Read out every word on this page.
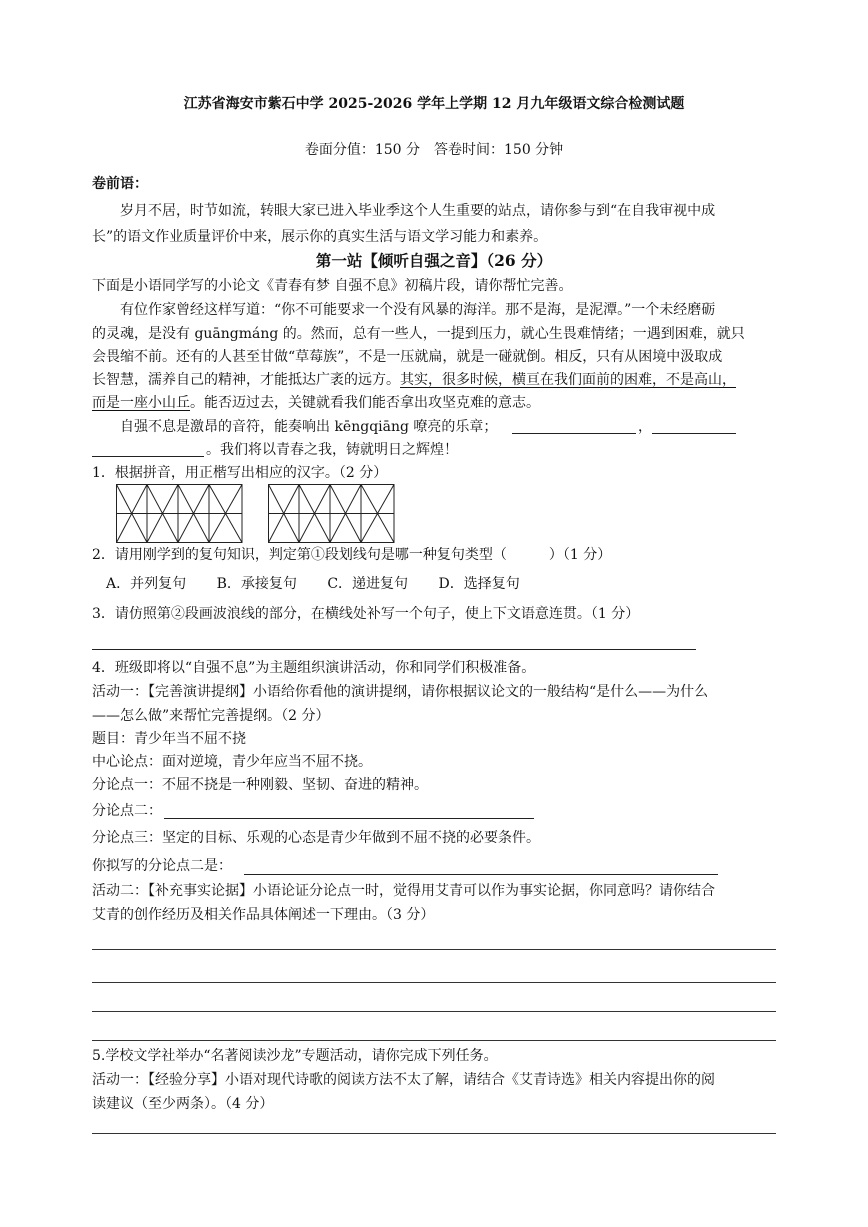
江苏省海安市紫石中学 2025-2026 学年上学期 12 月九年级语文综合检测试题
卷面分值：150 分　答卷时间：150 分钟
卷前语：
岁月不居，时节如流，转眼大家已进入毕业季这个人生重要的站点，请你参与到“在自我审视中成
长”的语文作业质量评价中来，展示你的真实生活与语文学习能力和素养。
第一站【倾听自强之音】（26 分）
下面是小语同学写的小论文《青春有梦 自强不息》初稿片段，请你帮忙完善。
有位作家曾经这样写道：“你不可能要求一个没有风暴的海洋。那不是海，是泥潭。”一个未经磨砺
的灵魂，是没有 guāngmáng 的。然而，总有一些人，一提到压力，就心生畏难情绪；一遇到困难，就只
会畏缩不前。还有的人甚至甘做“草莓族”，不是一压就扁，就是一碰就倒。相反，只有从困境中汲取成
长智慧，濡养自己的精神，才能抵达广袤的远方。其实，很多时候，横亘在我们面前的困难，不是高山，
而是一座小山丘。能否迈过去，关键就看我们能否拿出攻坚克难的意志。
自强不息是激昂的音符，能奏响出 kēngqiāng 嘹亮的乐章；	，
。我们将以青春之我，铸就明日之辉煌！
1．根据拼音，用正楷写出相应的汉字。（2 分）
2．请用刚学到的复句知识，判定第①段划线句是哪一种复句类型（　　　）（1 分）
A．并列复句 B．承接复句 C．递进复句 D．选择复句
3．请仿照第②段画波浪线的部分，在横线处补写一个句子，使上下文语意连贯。（1 分）
4．班级即将以“自强不息”为主题组织演讲活动，你和同学们积极准备。
活动一：【完善演讲提纲】小语给你看他的演讲提纲，请你根据议论文的一般结构“是什么——为什么
——怎么做”来帮忙完善提纲。（2 分）
题目：青少年当不屈不挠
中心论点：面对逆境，青少年应当不屈不挠。
分论点一：不屈不挠是一种刚毅、坚韧、奋进的精神。
分论点二：
分论点三：坚定的目标、乐观的心态是青少年做到不屈不挠的必要条件。
你拟写的分论点二是：
活动二：【补充事实论据】小语论证分论点一时，觉得用艾青可以作为事实论据，你同意吗？请你结合
艾青的创作经历及相关作品具体阐述一下理由。（3 分）
5.学校文学社举办“名著阅读沙龙”专题活动，请你完成下列任务。
活动一：【经验分享】小语对现代诗歌的阅读方法不太了解，请结合《艾青诗选》相关内容提出你的阅
读建议（至少两条）。（4 分）
